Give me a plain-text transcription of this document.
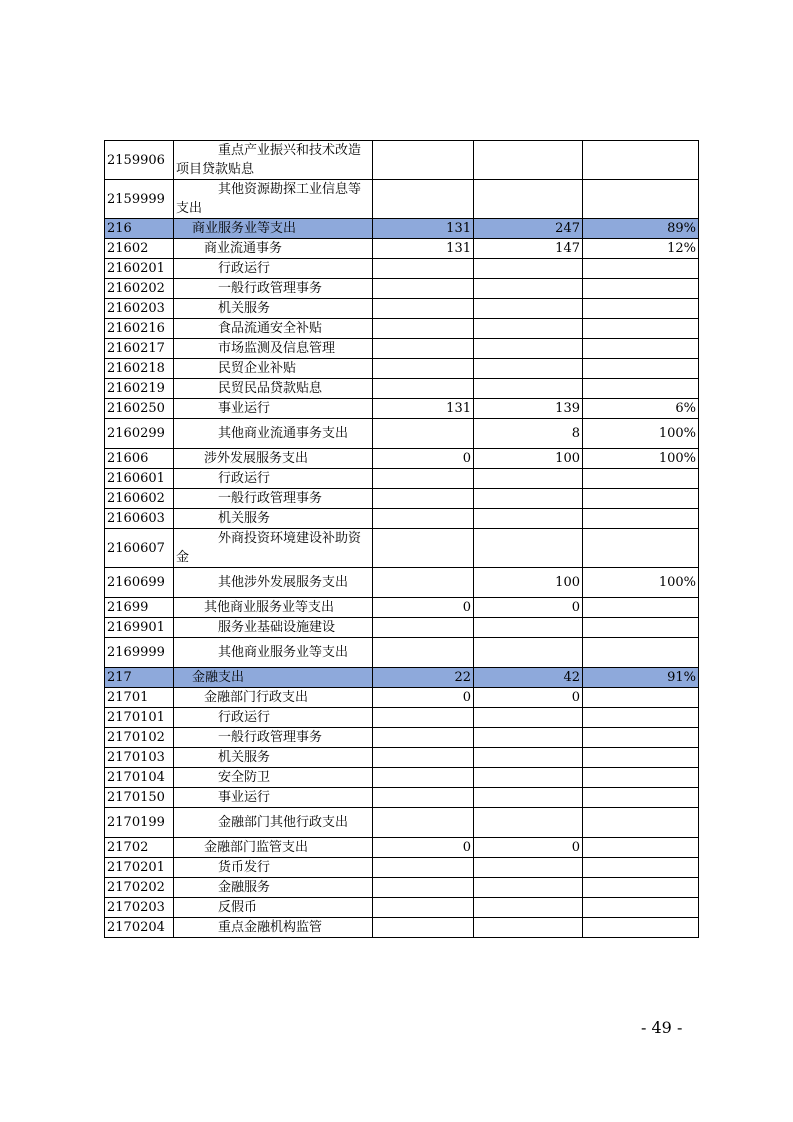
2159906	重点产业振兴和技术改造项目贷款贴息			
2159999	其他资源勘探工业信息等支出			
216	商业服务业等支出	131	247	89%
21602	商业流通事务	131	147	12%
2160201	行政运行			
2160202	一般行政管理事务			
2160203	机关服务			
2160216	食品流通安全补贴			
2160217	市场监测及信息管理			
2160218	民贸企业补贴			
2160219	民贸民品贷款贴息			
2160250	事业运行	131	139	6%
2160299	其他商业流通事务支出		8	100%
21606	涉外发展服务支出	0	100	100%
2160601	行政运行			
2160602	一般行政管理事务			
2160603	机关服务			
2160607	外商投资环境建设补助资金			
2160699	其他涉外发展服务支出		100	100%
21699	其他商业服务业等支出	0	0	
2169901	服务业基础设施建设			
2169999	其他商业服务业等支出			
217	金融支出	22	42	91%
21701	金融部门行政支出	0	0	
2170101	行政运行			
2170102	一般行政管理事务			
2170103	机关服务			
2170104	安全防卫			
2170150	事业运行			
2170199	金融部门其他行政支出			
21702	金融部门监管支出	0	0	
2170201	货币发行			
2170202	金融服务			
2170203	反假币			
2170204	重点金融机构监管			
- 49 -
